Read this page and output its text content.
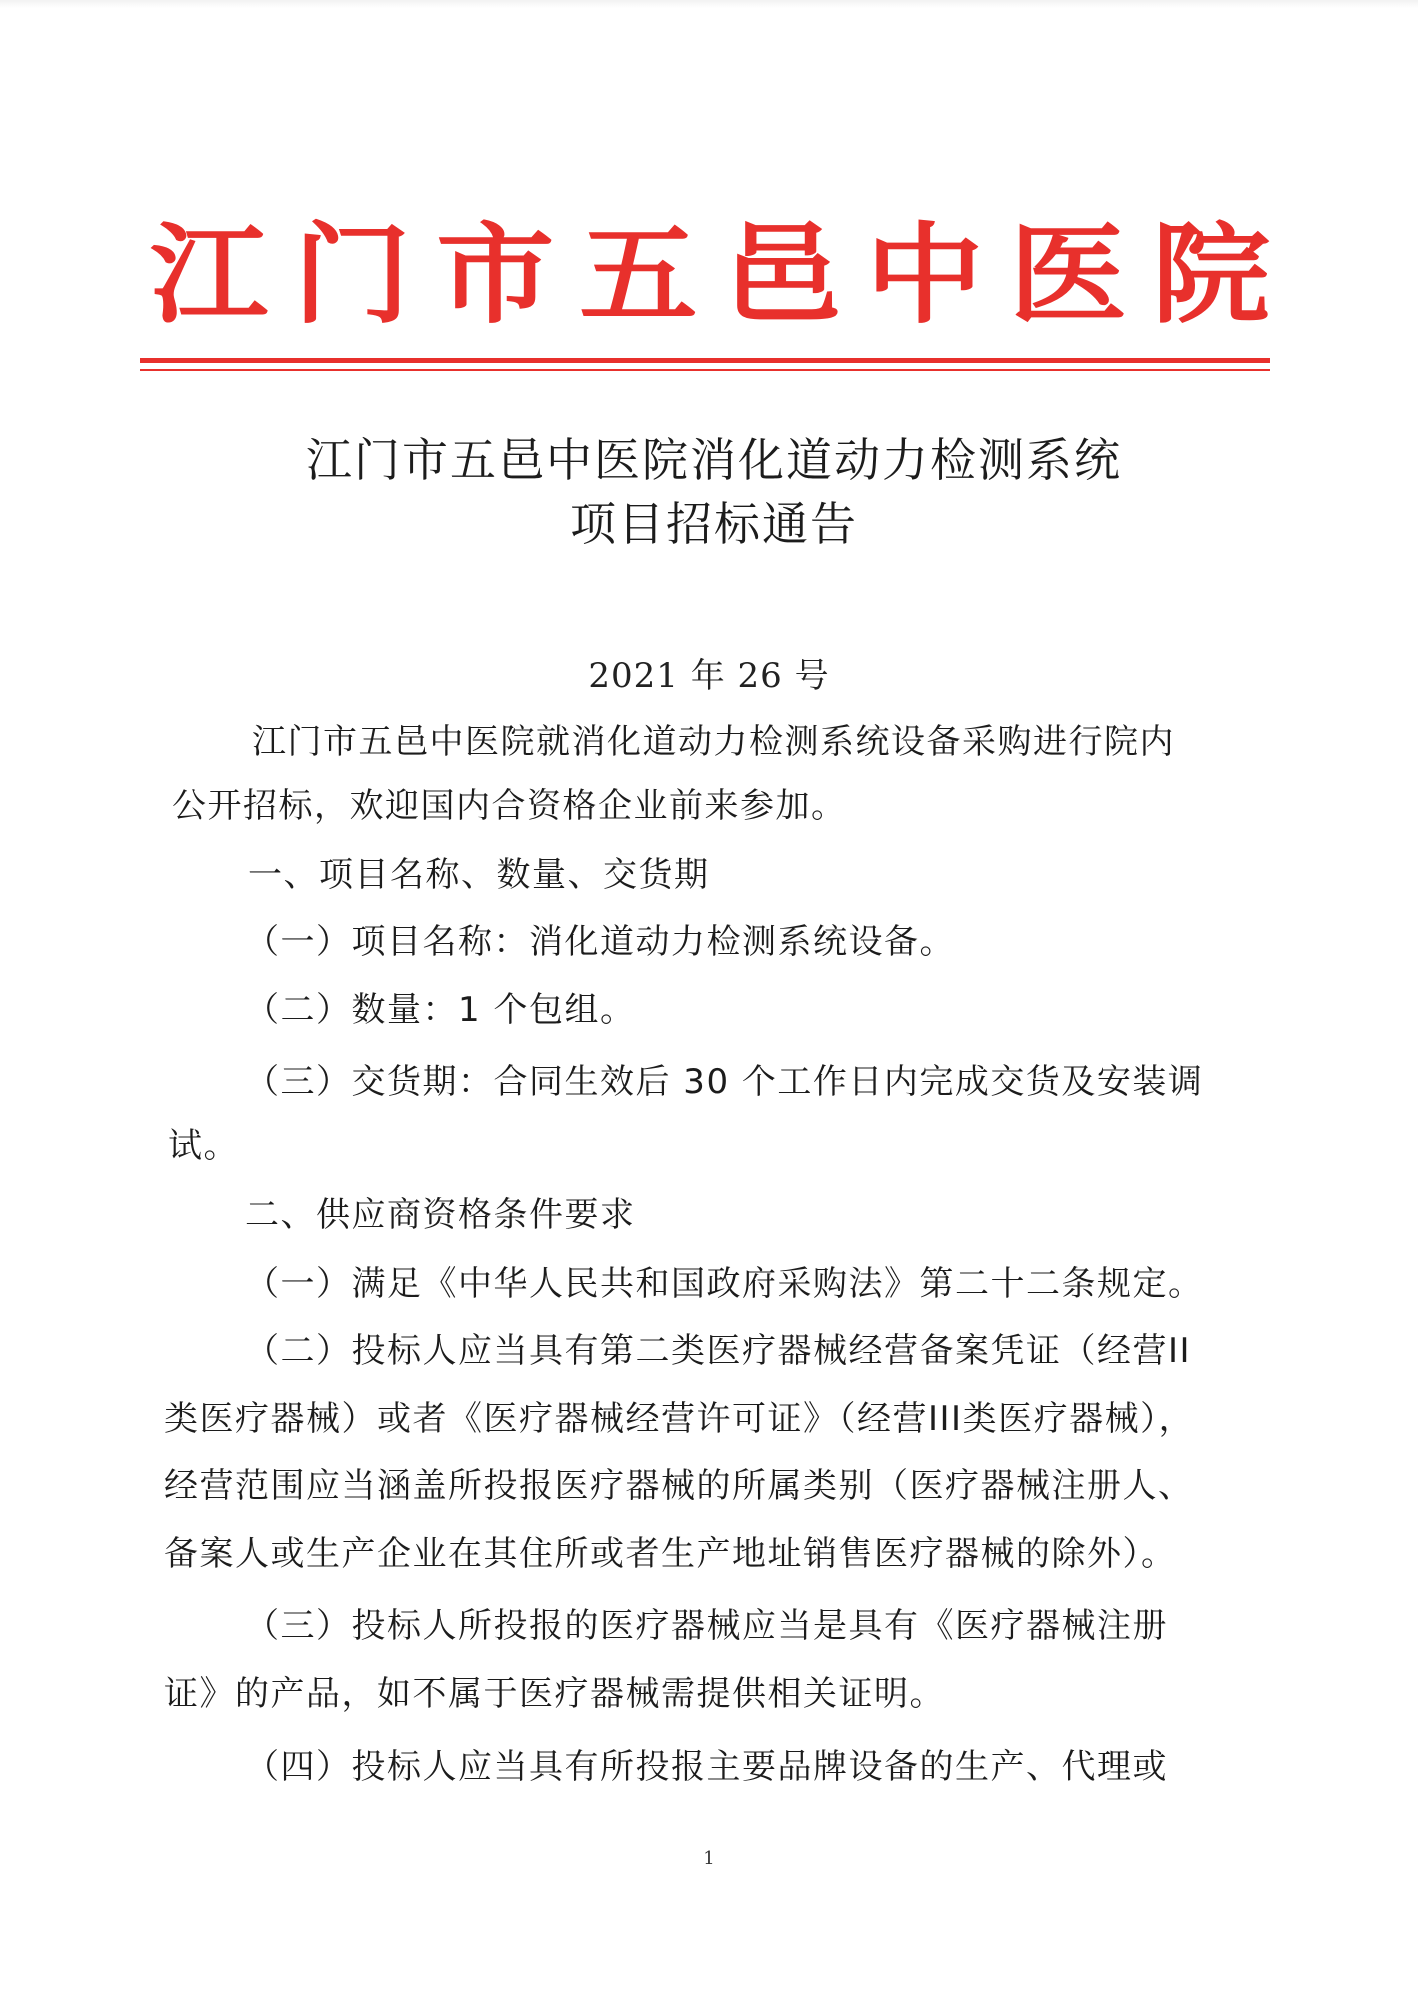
江 门 市 五 邑 中 医 院
江门市五邑中医院消化道动力检测系统
项目招标通告
2021 年 26 号
江门市五邑中医院就消化道动力检测系统设备采购进行院内
公开招标，欢迎国内合资格企业前来参加。
一、项目名称、数量、交货期
（一）项目名称：消化道动力检测系统设备。
（二）数量：1 个包组。
（三）交货期：合同生效后 30 个工作日内完成交货及安装调
试。
二、供应商资格条件要求
（一）满足《中华人民共和国政府采购法》第二十二条规定。
（二）投标人应当具有第二类医疗器械经营备案凭证（经营II
类医疗器械）或者《医疗器械经营许可证》（经营III类医疗器械），
经营范围应当涵盖所投报医疗器械的所属类别（医疗器械注册人、
备案人或生产企业在其住所或者生产地址销售医疗器械的除外）。
（三）投标人所投报的医疗器械应当是具有《医疗器械注册
证》的产品，如不属于医疗器械需提供相关证明。
（四）投标人应当具有所投报主要品牌设备的生产、代理或
1
